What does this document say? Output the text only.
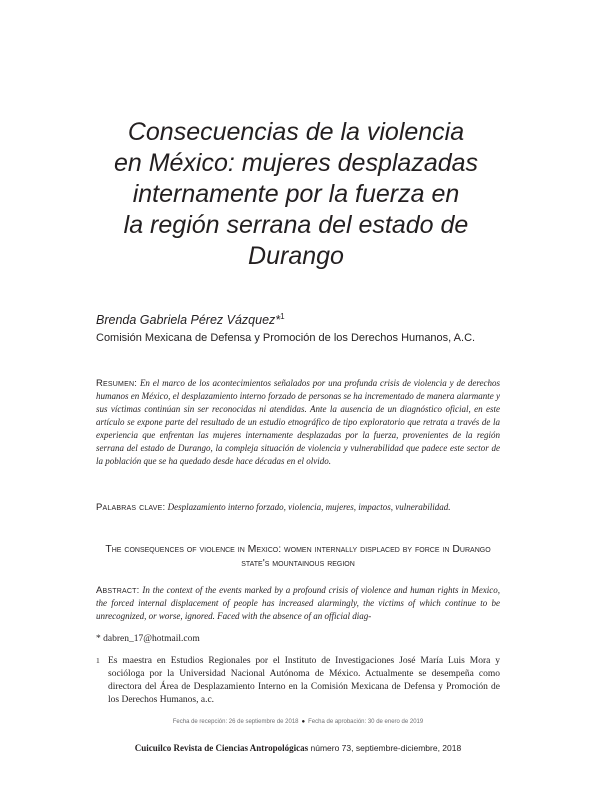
Consecuencias de la violencia
en México: mujeres desplazadas
internamente por la fuerza en
la región serrana del estado de
Durango
Brenda Gabriela Pérez Vázquez*$^1$
Comisión Mexicana de Defensa y Promoción de los Derechos Humanos, A.C.
Resumen: En el marco de los acontecimientos señalados por una profunda crisis de violencia y de derechos humanos en México, el desplazamiento interno forzado de personas se ha incrementado de manera alarmante y sus víctimas continúan sin ser reconocidas ni atendidas. Ante la ausencia de un diagnóstico oficial, en este artículo se expone parte del resultado de un estudio etnográfico de tipo exploratorio que retrata a través de la experiencia que enfrentan las mujeres internamente desplazadas por la fuerza, provenientes de la región serrana del estado de Durango, la compleja situación de violencia y vulnerabilidad que padece este sector de la población que se ha quedado desde hace décadas en el olvido.
Palabras clave: Desplazamiento interno forzado, violencia, mujeres, impactos, vulnerabilidad.
The consequences of violence in Mexico: women internally displaced by force in Durango state's mountainous region
Abstract: In the context of the events marked by a profound crisis of violence and human rights in Mexico, the forced internal displacement of people has increased alarmingly, the victims of which continue to be unrecognized, or worse, ignored. Faced with the absence of an official diag-
* dabren_17@hotmail.com
1 Es maestra en Estudios Regionales por el Instituto de Investigaciones José María Luis Mora y socióloga por la Universidad Nacional Autónoma de México. Actualmente se desempeña como directora del Área de Desplazamiento Interno en la Comisión Mexicana de Defensa y Promoción de los Derechos Humanos, a.c.
Fecha de recepción: 26 de septiembre de 2018 ● Fecha de aprobación: 30 de enero de 2019
Cuicuilco Revista de Ciencias Antropológicas número 73, septiembre-diciembre, 2018
